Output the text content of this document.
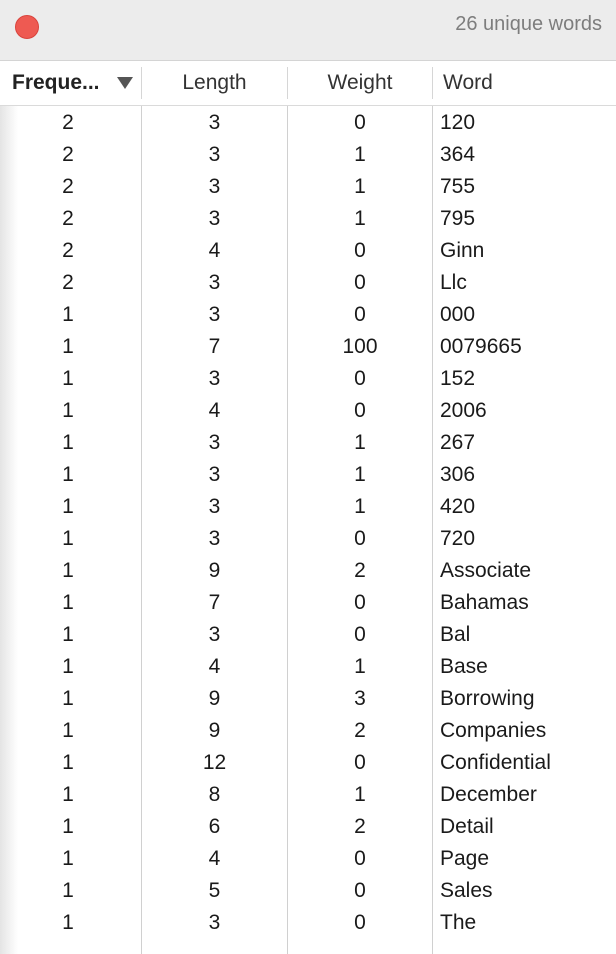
26 unique words
Freque...	Length	Weight	Word
2	3	0	120
2	3	1	364
2	3	1	755
2	3	1	795
2	4	0	Ginn
2	3	0	Llc
1	3	0	000
1	7	100	0079665
1	3	0	152
1	4	0	2006
1	3	1	267
1	3	1	306
1	3	1	420
1	3	0	720
1	9	2	Associate
1	7	0	Bahamas
1	3	0	Bal
1	4	1	Base
1	9	3	Borrowing
1	9	2	Companies
1	12	0	Confidential
1	8	1	December
1	6	2	Detail
1	4	0	Page
1	5	0	Sales
1	3	0	The
